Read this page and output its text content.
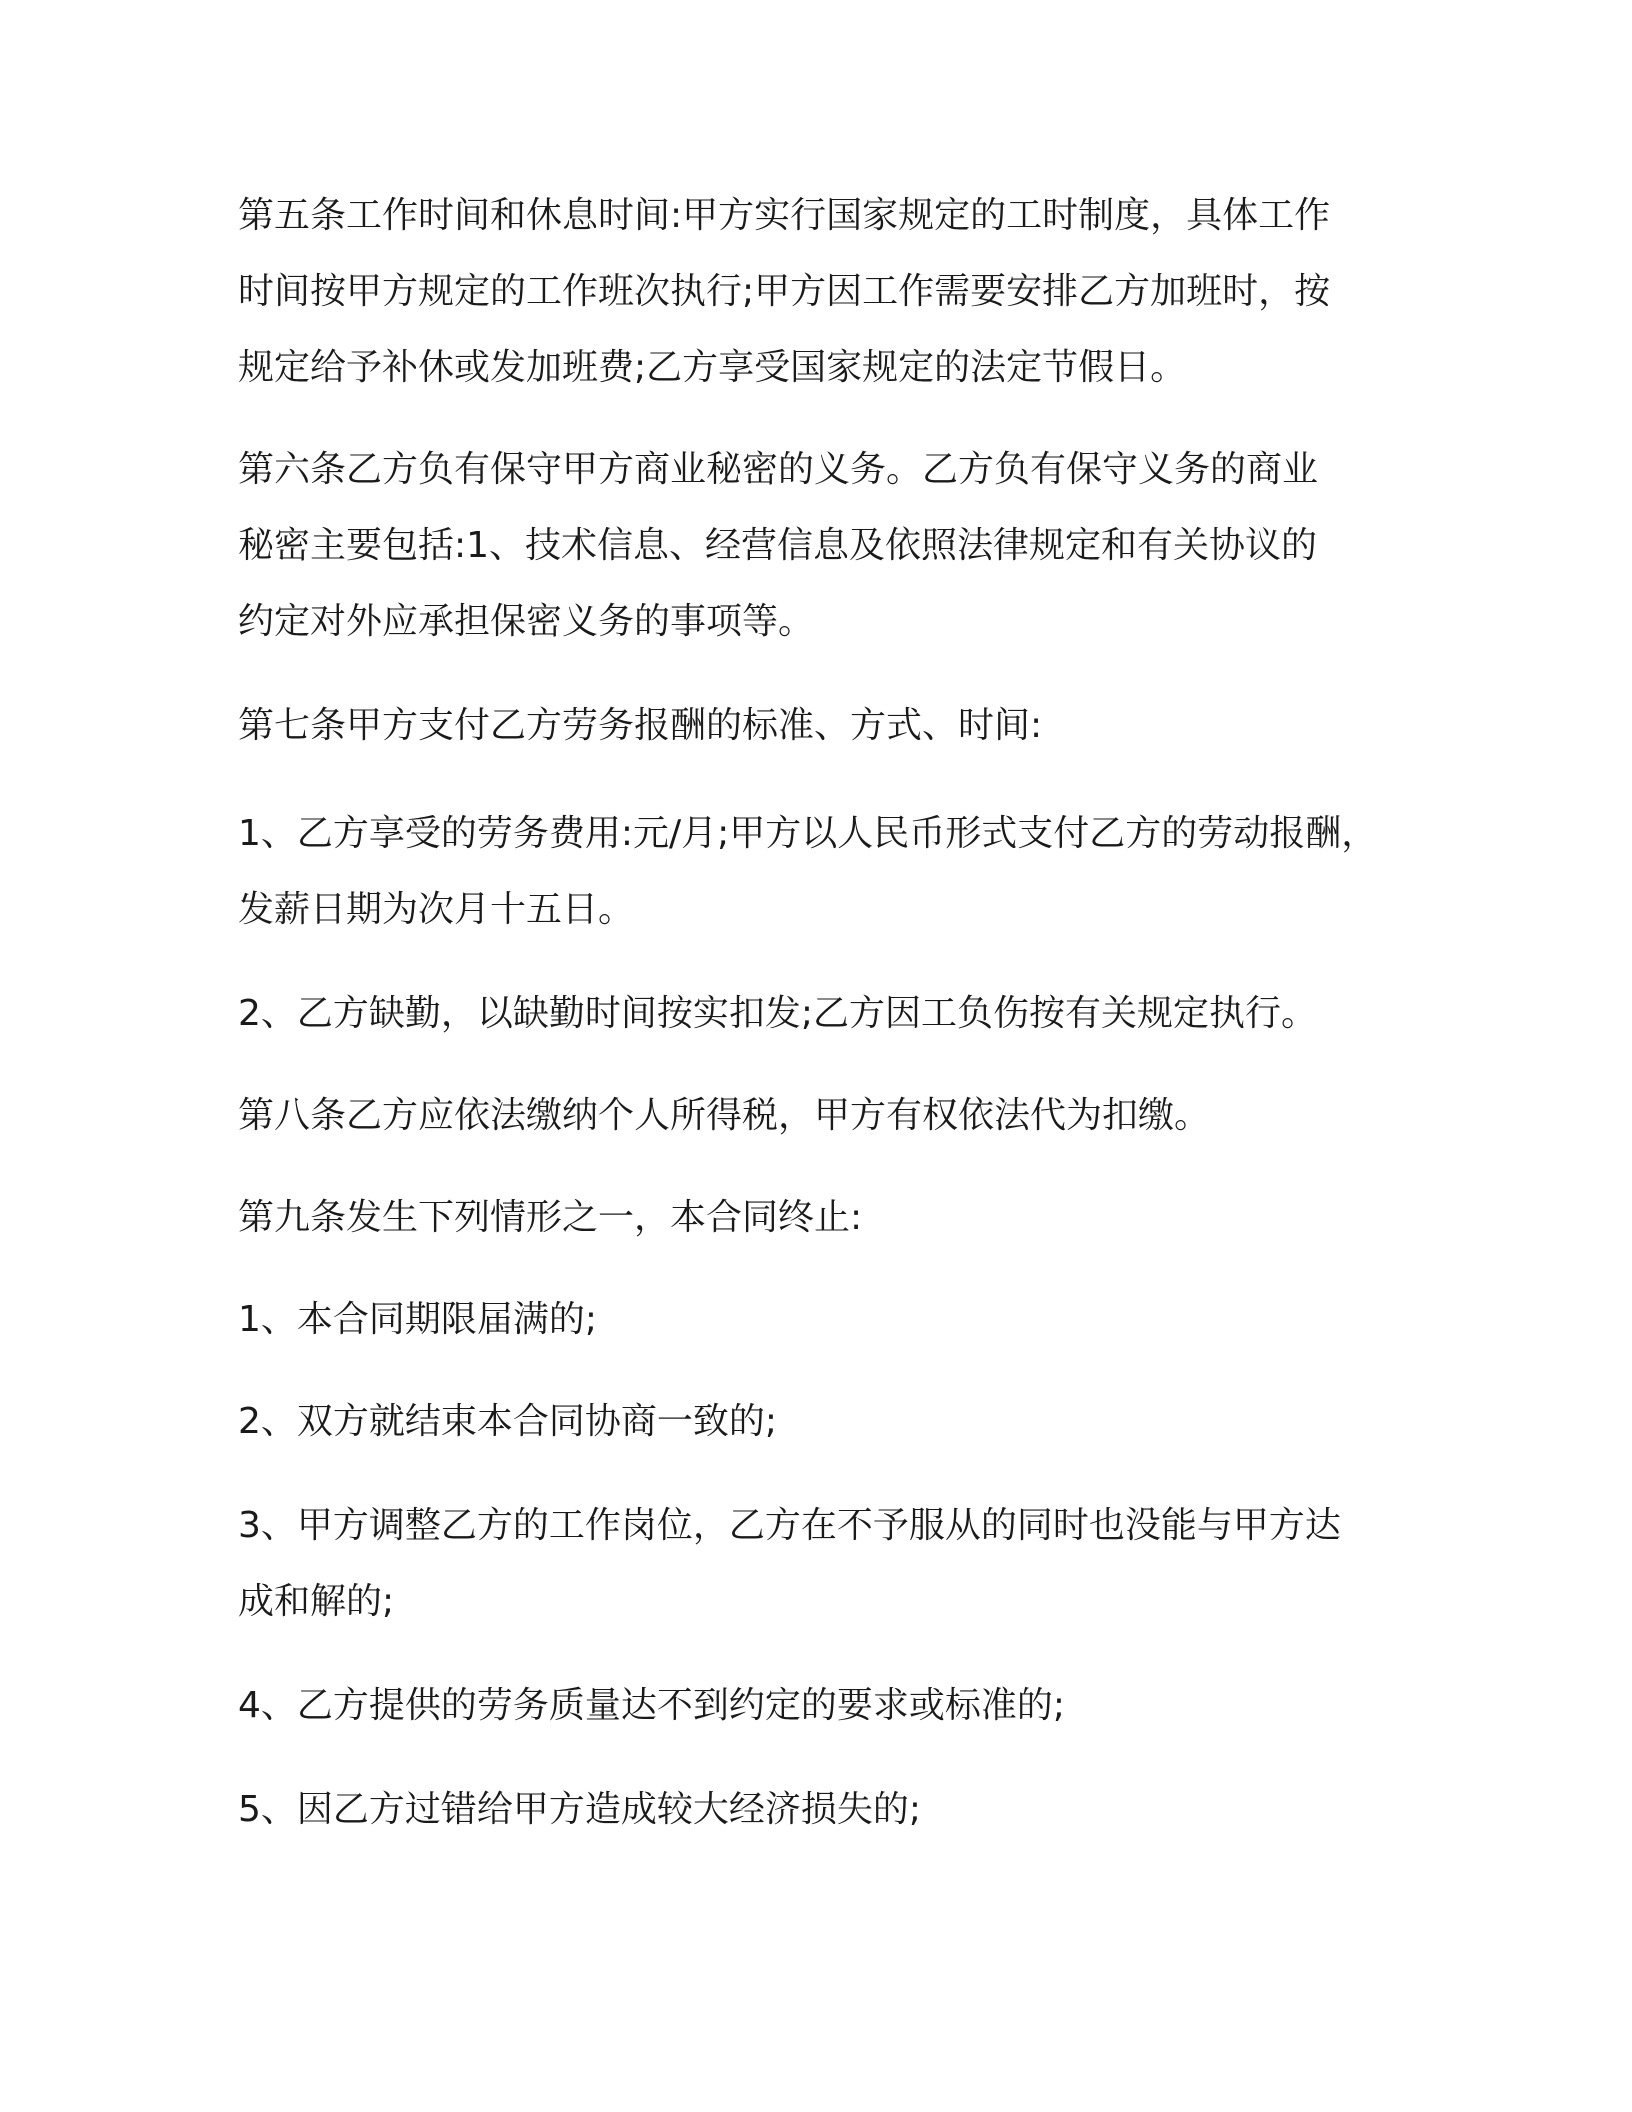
第五条工作时间和休息时间:甲方实行国家规定的工时制度，具体工作
时间按甲方规定的工作班次执行;甲方因工作需要安排乙方加班时，按
规定给予补休或发加班费;乙方享受国家规定的法定节假日。

第六条乙方负有保守甲方商业秘密的义务。乙方负有保守义务的商业
秘密主要包括:1、技术信息、经营信息及依照法律规定和有关协议的
约定对外应承担保密义务的事项等。

第七条甲方支付乙方劳务报酬的标准、方式、时间:

1、乙方享受的劳务费用:元/月;甲方以人民币形式支付乙方的劳动报酬，
发薪日期为次月十五日。

2、乙方缺勤，以缺勤时间按实扣发;乙方因工负伤按有关规定执行。

第八条乙方应依法缴纳个人所得税，甲方有权依法代为扣缴。

第九条发生下列情形之一，本合同终止:

1、本合同期限届满的;

2、双方就结束本合同协商一致的;

3、甲方调整乙方的工作岗位，乙方在不予服从的同时也没能与甲方达
成和解的;

4、乙方提供的劳务质量达不到约定的要求或标准的;

5、因乙方过错给甲方造成较大经济损失的;
